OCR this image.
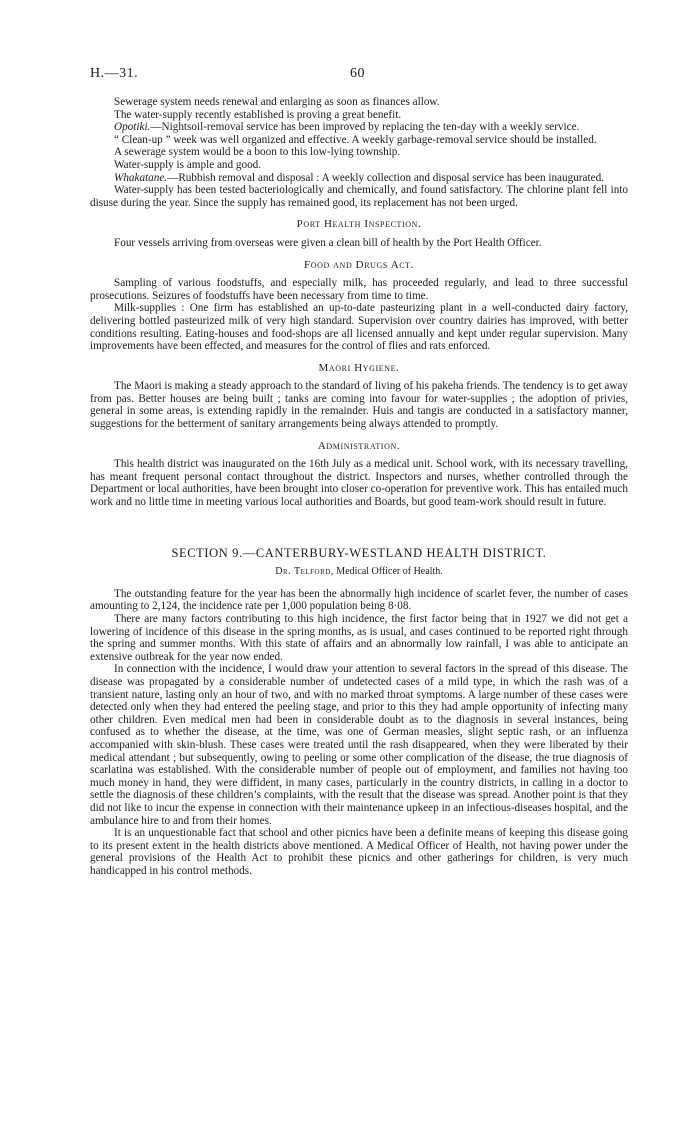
H.—31.	60

Sewerage system needs renewal and enlarging as soon as finances allow.

The water-supply recently established is proving a great benefit.

Opotiki.—Nightsoil-removal service has been improved by replacing the ten-day with a weekly service.

“ Clean-up ” week was well organized and effective. A weekly garbage-removal service should be installed.

A sewerage system would be a boon to this low-lying township.

Water-supply is ample and good.

Whakatane.—Rubbish removal and disposal : A weekly collection and disposal service has been inaugurated.

Water-supply has been tested bacteriologically and chemically, and found satisfactory. The chlorine plant fell into disuse during the year. Since the supply has remained good, its replacement has not been urged.

Port Health Inspection.

Four vessels arriving from overseas were given a clean bill of health by the Port Health Officer.

Food and Drugs Act.

Sampling of various foodstuffs, and especially milk, has proceeded regularly, and lead to three successful prosecutions. Seizures of foodstuffs have been necessary from time to time.

Milk-supplies : One firm has established an up-to-date pasteurizing plant in a well-conducted dairy factory, delivering bottled pasteurized milk of very high standard. Supervision over country dairies has improved, with better conditions resulting. Eating-houses and food-shops are all licensed annually and kept under regular supervision. Many improvements have been effected, and measures for the control of flies and rats enforced.

Maori Hygiene.

The Maori is making a steady approach to the standard of living of his pakeha friends. The tendency is to get away from pas. Better houses are being built ; tanks are coming into favour for water-supplies ; the adoption of privies, general in some areas, is extending rapidly in the remainder. Huis and tangis are conducted in a satisfactory manner, suggestions for the betterment of sanitary arrangements being always attended to promptly.

Administration.

This health district was inaugurated on the 16th July as a medical unit. School work, with its necessary travelling, has meant frequent personal contact throughout the district. Inspectors and nurses, whether controlled through the Department or local authorities, have been brought into closer co-operation for preventive work. This has entailed much work and no little time in meeting various local authorities and Boards, but good team-work should result in future.

SECTION 9.—CANTERBURY-WESTLAND HEALTH DISTRICT.
Dr. Telford, Medical Officer of Health.

The outstanding feature for the year has been the abnormally high incidence of scarlet fever, the number of cases amounting to 2,124, the incidence rate per 1,000 population being 8·08.

There are many factors contributing to this high incidence, the first factor being that in 1927 we did not get a lowering of incidence of this disease in the spring months, as is usual, and cases continued to be reported right through the spring and summer months. With this state of affairs and an abnormally low rainfall, I was able to anticipate an extensive outbreak for the year now ended.

In connection with the incidence, I would draw your attention to several factors in the spread of this disease. The disease was propagated by a considerable number of undetected cases of a mild type, in which the rash was of a transient nature, lasting only an hour of two, and with no marked throat symptoms. A large number of these cases were detected only when they had entered the peeling stage, and prior to this they had ample opportunity of infecting many other children. Even medical men had been in considerable doubt as to the diagnosis in several instances, being confused as to whether the disease, at the time, was one of German measles, slight septic rash, or an influenza accompanied with skin-blush. These cases were treated until the rash disappeared, when they were liberated by their medical attendant ; but subsequently, owing to peeling or some other complication of the disease, the true diagnosis of scarlatina was established. With the considerable number of people out of employment, and families not having too much money in hand, they were diffident, in many cases, particularly in the country districts, in calling in a doctor to settle the diagnosis of these children’s complaints, with the result that the disease was spread. Another point is that they did not like to incur the expense in connection with their maintenance upkeep in an infectious-diseases hospital, and the ambulance hire to and from their homes.

It is an unquestionable fact that school and other picnics have been a definite means of keeping this disease going to its present extent in the health districts above mentioned. A Medical Officer of Health, not having power under the general provisions of the Health Act to prohibit these picnics and other gatherings for children, is very much handicapped in his control methods.
